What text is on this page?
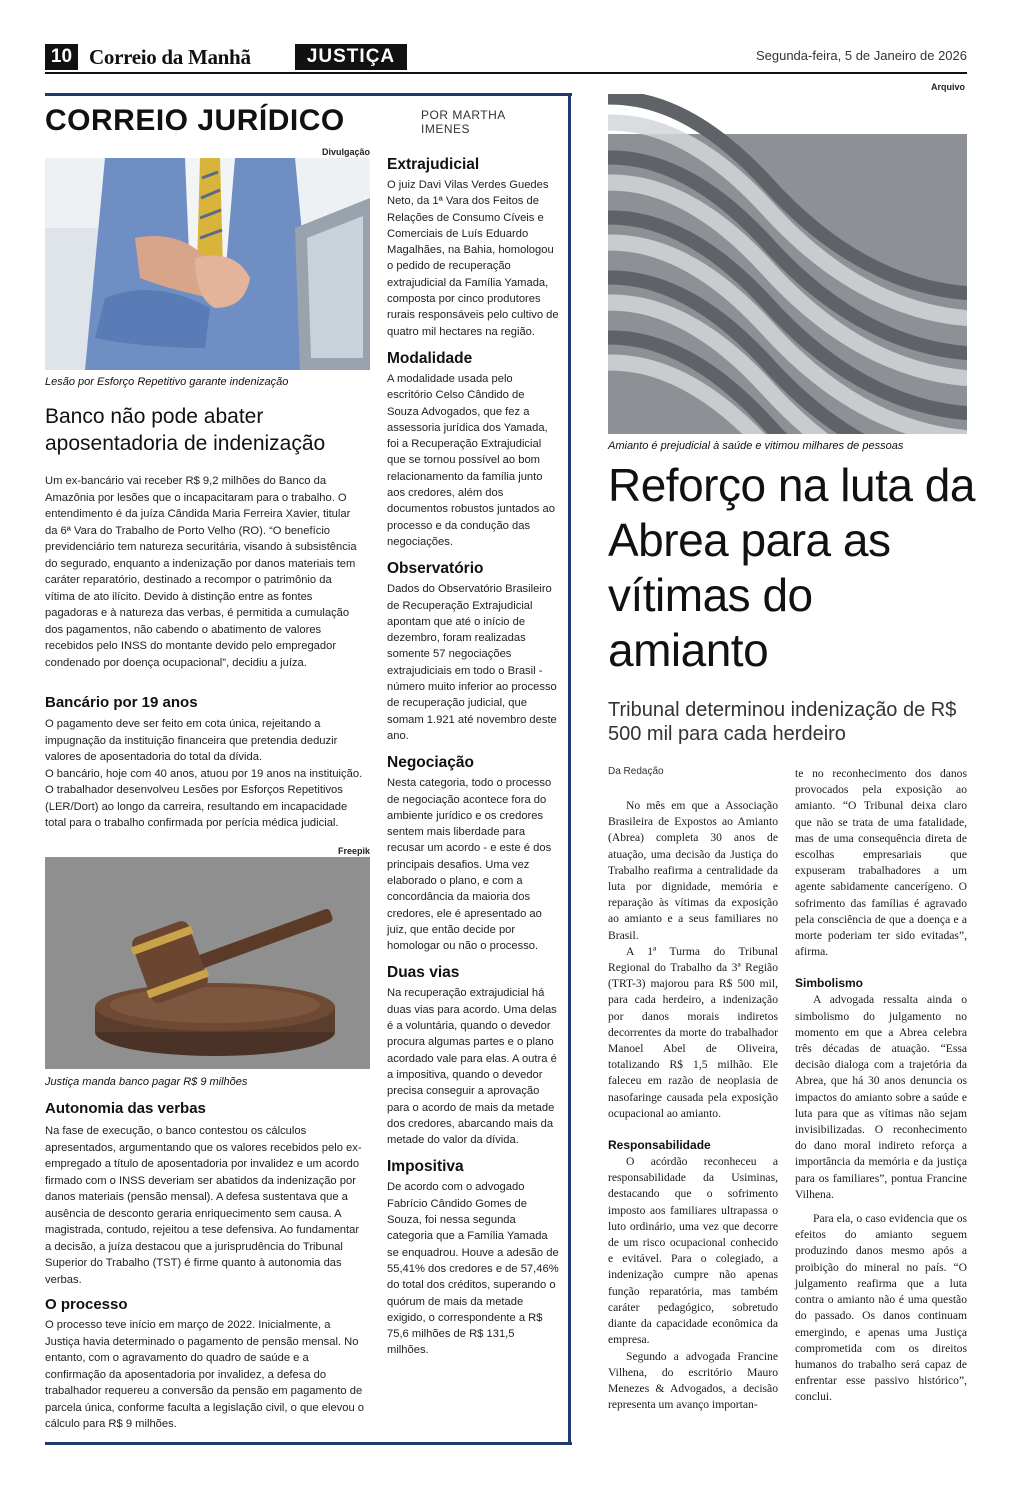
10 Correio da Manhã	JUSTIÇA	Segunda-feira, 5 de Janeiro de 2026
CORREIO JURÍDICO	POR MARTHA
IMENES
Divulgação
Lesão por Esforço Repetitivo garante indenização
Banco não pode abater aposentadoria de indenização
Um ex-bancário vai receber R$ 9,2 milhões do Banco da Amazônia por lesões que o incapacitaram para o trabalho. O entendimento é da juíza Cândida Maria Ferreira Xavier, titular da 6ª Vara do Trabalho de Porto Velho (RO). “O benefício previdenciário tem natureza securitária, visando à subsistência do segurado, enquanto a indenização por danos materiais tem caráter reparatório, destinado a recompor o patrimônio da vítima de ato ilícito. Devido à distinção entre as fontes pagadoras e à natureza das verbas, é permitida a cumulação dos pagamentos, não cabendo o abatimento de valores recebidos pelo INSS do montante devido pelo empregador condenado por doença ocupacional”, decidiu a juíza.
Bancário por 19 anos

O pagamento deve ser feito em cota única, rejeitando a impugnação da instituição financeira que pretendia deduzir valores de aposentadoria do total da dívida.

O bancário, hoje com 40 anos, atuou por 19 anos na instituição. O trabalhador desenvolveu Lesões por Esforços Repetitivos (LER/Dort) ao longo da carreira, resultando em incapacidade total para o trabalho confirmada por perícia médica judicial.

Freepik
Justiça manda banco pagar R$ 9 milhões
Autonomia das verbas
Na fase de execução, o banco contestou os cálculos apresentados, argumentando que os valores recebidos pelo ex-empregado a título de aposentadoria por invalidez e um acordo firmado com o INSS deveriam ser abatidos da indenização por danos materiais (pensão mensal). A defesa sustentava que a ausência de desconto geraria enriquecimento sem causa. A magistrada, contudo, rejeitou a tese defensiva. Ao fundamentar a decisão, a juíza destacou que a jurisprudência do Tribunal Superior do Trabalho (TST) é firme quanto à autonomia das verbas.
O processo
O processo teve início em março de 2022. Inicialmente, a Justiça havia determinado o pagamento de pensão mensal. No entanto, com o agravamento do quadro de saúde e a confirmação da aposentadoria por invalidez, a defesa do trabalhador requereu a conversão da pensão em pagamento de parcela única, conforme faculta a legislação civil, o que elevou o cálculo para R$ 9 milhões.
Extrajudicial
O juiz Davi Vilas Verdes Guedes Neto, da 1ª Vara dos Feitos de Relações de Consumo Cíveis e Comerciais de Luís Eduardo Magalhães, na Bahia, homologou o pedido de recuperação extrajudicial da Família Yamada, composta por cinco produtores rurais responsáveis pelo cultivo de quatro mil hectares na região.
Modalidade
A modalidade usada pelo escritório Celso Cândido de Souza Advogados, que fez a assessoria jurídica dos Yamada, foi a Recuperação Extrajudicial que se tornou possível ao bom relacionamento da família junto aos credores, além dos documentos robustos juntados ao processo e da condução das negociações.
Observatório
Dados do Observatório Brasileiro de Recuperação Extrajudicial apontam que até o início de dezembro, foram realizadas somente 57 negociações extrajudiciais em todo o Brasil - número muito inferior ao processo de recuperação judicial, que somam 1.921 até novembro deste ano.
Negociação
Nesta categoria, todo o processo de negociação acontece fora do ambiente jurídico e os credores sentem mais liberdade para recusar um acordo - e este é dos principais desafios. Uma vez elaborado o plano, e com a concordância da maioria dos credores, ele é apresentado ao juiz, que então decide por homologar ou não o processo.
Duas vias
Na recuperação extrajudicial há duas vias para acordo. Uma delas é a voluntária, quando o devedor procura algumas partes e o plano acordado vale para elas. A outra é a impositiva, quando o devedor precisa conseguir a aprovação para o acordo de mais da metade dos credores, abarcando mais da metade do valor da dívida.
Impositiva
De acordo com o advogado Fabrício Cândido Gomes de Souza, foi nessa segunda categoria que a Família Yamada se enquadrou. Houve a adesão de 55,41% dos credores e de 57,46% do total dos créditos, superando o quórum de mais da metade exigido, o correspondente a R$ 75,6 milhões de R$ 131,5 milhões.
Arquivo
Amianto é prejudicial à saúde e vitimou milhares de pessoas
Reforço na luta da Abrea para as vítimas do amianto
Tribunal determinou indenização de R$ 500 mil para cada herdeiro
Da Redação

No mês em que a Associação Brasileira de Expostos ao Amianto (Abrea) completa 30 anos de atuação, uma decisão da Justiça do Trabalho reafirma a centralidade da luta por dignidade, memória e reparação às vítimas da exposição ao amianto e a seus familiares no Brasil.

A 1ª Turma do Tribunal Regional do Trabalho da 3ª Região (TRT-3) majorou para R$ 500 mil, para cada herdeiro, a indenização por danos morais indiretos decorrentes da morte do trabalhador Manoel Abel de Oliveira, totalizando R$ 1,5 milhão. Ele faleceu em razão de neoplasia de nasofaringe causada pela exposição ocupacional ao amianto.

Responsabilidade

O acórdão reconheceu a responsabilidade da Usiminas, destacando que o sofrimento imposto aos familiares ultrapassa o luto ordinário, uma vez que decorre de um risco ocupacional conhecido e evitável. Para o colegiado, a indenização cumpre não apenas função reparatória, mas também caráter pedagógico, sobretudo diante da capacidade econômica da empresa.

Segundo a advogada Francine Vilhena, do escritório Mauro Menezes & Advogados, a decisão representa um avanço importan-

te no reconhecimento dos danos provocados pela exposição ao amianto. “O Tribunal deixa claro que não se trata de uma fatalidade, mas de uma consequência direta de escolhas empresariais que expuseram trabalhadores a um agente sabidamente cancerígeno. O sofrimento das famílias é agravado pela consciência de que a doença e a morte poderiam ter sido evitadas”, afirma.

Simbolismo

A advogada ressalta ainda o simbolismo do julgamento no momento em que a Abrea celebra três décadas de atuação. “Essa decisão dialoga com a trajetória da Abrea, que há 30 anos denuncia os impactos do amianto sobre a saúde e luta para que as vítimas não sejam invisibilizadas. O reconhecimento do dano moral indireto reforça a importância da memória e da justiça para os familiares”, pontua Francine Vilhena.

Para ela, o caso evidencia que os efeitos do amianto seguem produzindo danos mesmo após a proibição do mineral no país. “O julgamento reafirma que a luta contra o amianto não é uma questão do passado. Os danos continuam emergindo, e apenas uma Justiça comprometida com os direitos humanos do trabalho será capaz de enfrentar esse passivo histórico”, conclui.
